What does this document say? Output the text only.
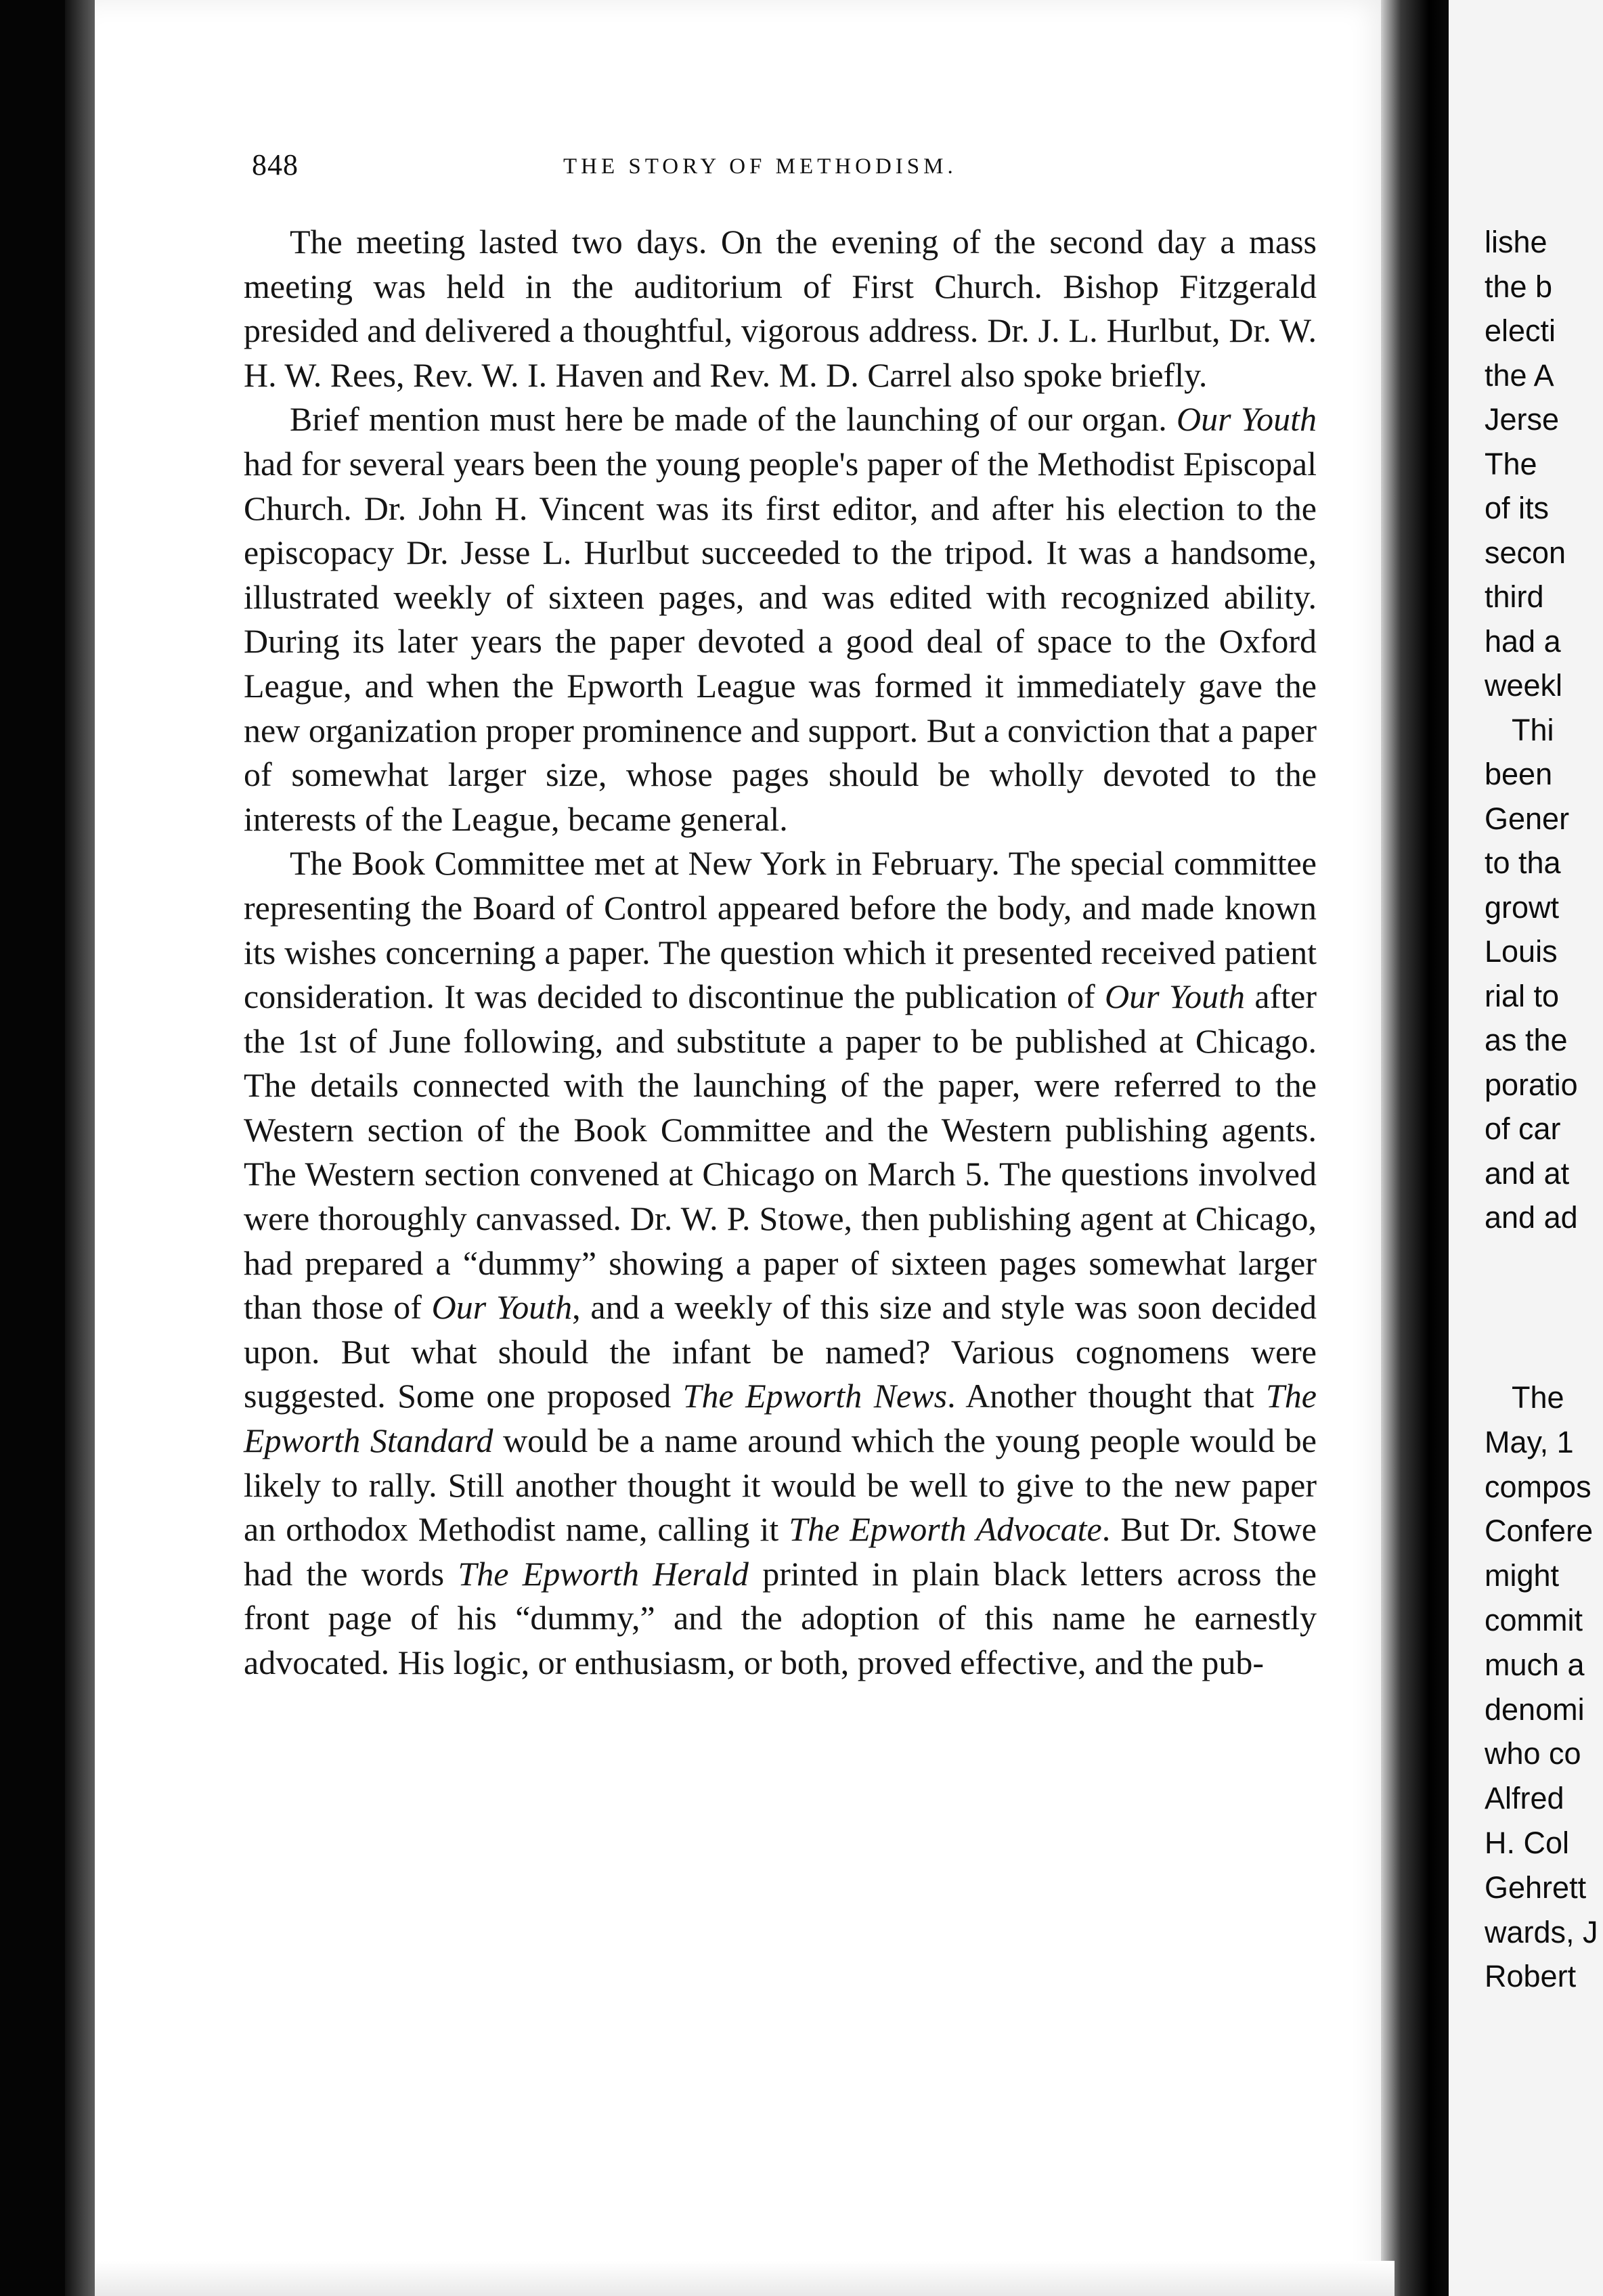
848	THE STORY OF METHODISM.

The meeting lasted two days. On the evening of the second day a mass meeting was held in the auditorium of First Church. Bishop Fitzgerald presided and delivered a thoughtful, vigorous address. Dr. J. L. Hurlbut, Dr. W. H. W. Rees, Rev. W. I. Haven and Rev. M. D. Carrel also spoke briefly.

Brief mention must here be made of the launching of our organ. Our Youth had for several years been the young people's paper of the Methodist Episcopal Church. Dr. John H. Vincent was its first editor, and after his election to the episcopacy Dr. Jesse L. Hurlbut succeeded to the tripod. It was a handsome, illustrated weekly of sixteen pages, and was edited with recognized ability. During its later years the paper devoted a good deal of space to the Oxford League, and when the Epworth League was formed it immediately gave the new organization proper prominence and support. But a conviction that a paper of somewhat larger size, whose pages should be wholly devoted to the interests of the League, became general.

The Book Committee met at New York in February. The special committee representing the Board of Control appeared before the body, and made known its wishes concerning a paper. The question which it presented received patient consideration. It was decided to discontinue the publication of Our Youth after the 1st of June following, and substitute a paper to be published at Chicago. The details connected with the launching of the paper, were referred to the Western section of the Book Committee and the Western publishing agents. The Western section convened at Chicago on March 5. The questions involved were thoroughly canvassed. Dr. W. P. Stowe, then publishing agent at Chicago, had prepared a “dummy” showing a paper of sixteen pages somewhat larger than those of Our Youth, and a weekly of this size and style was soon decided upon. But what should the infant be named? Various cognomens were suggested. Some one proposed The Epworth News. Another thought that The Epworth Standard would be a name around which the young people would be likely to rally. Still another thought it would be well to give to the new paper an orthodox Methodist name, calling it The Epworth Advocate. But Dr. Stowe had the words The Epworth Herald printed in plain black letters across the front page of his “dummy,” and the adoption of this name he earnestly advocated. His logic, or enthusiasm, or both, proved effective, and the pub-

lishe
the b
electi
the A
Jerse
The
of its
secon
third
had a
weekl
Thi
been
Gener
to tha
growt
Louis
rial to
as the
poratio
of car
and at
and ad
The
May, 1
compos
Confere
might
commit
much a
denomi
who co
Alfred
H. Col
Gehrett
wards, J
Robert
